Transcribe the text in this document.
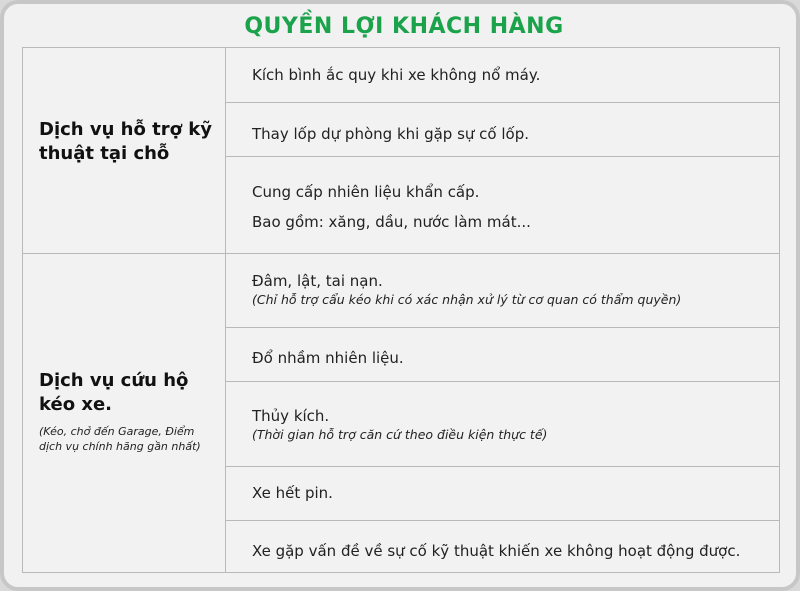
QUYỀN LỢI KHÁCH HÀNG
Dịch vụ hỗ trợ kỹ thuật tại chỗ
Kích bình ắc quy khi xe không nổ máy.
Thay lốp dự phòng khi gặp sự cố lốp.
Cung cấp nhiên liệu khẩn cấp.
Bao gồm: xăng, dầu, nước làm mát...
Dịch vụ cứu hộ kéo xe.
(Kéo, chở đến Garage, Điểm dịch vụ chính hãng gần nhất)
Đâm, lật, tai nạn.
(Chỉ hỗ trợ cẩu kéo khi có xác nhận xử lý từ cơ quan có thẩm quyền)
Đổ nhầm nhiên liệu.
Thủy kích.
(Thời gian hỗ trợ căn cứ theo điều kiện thực tế)
Xe hết pin.
Xe gặp vấn đề về sự cố kỹ thuật khiến xe không hoạt động được.
